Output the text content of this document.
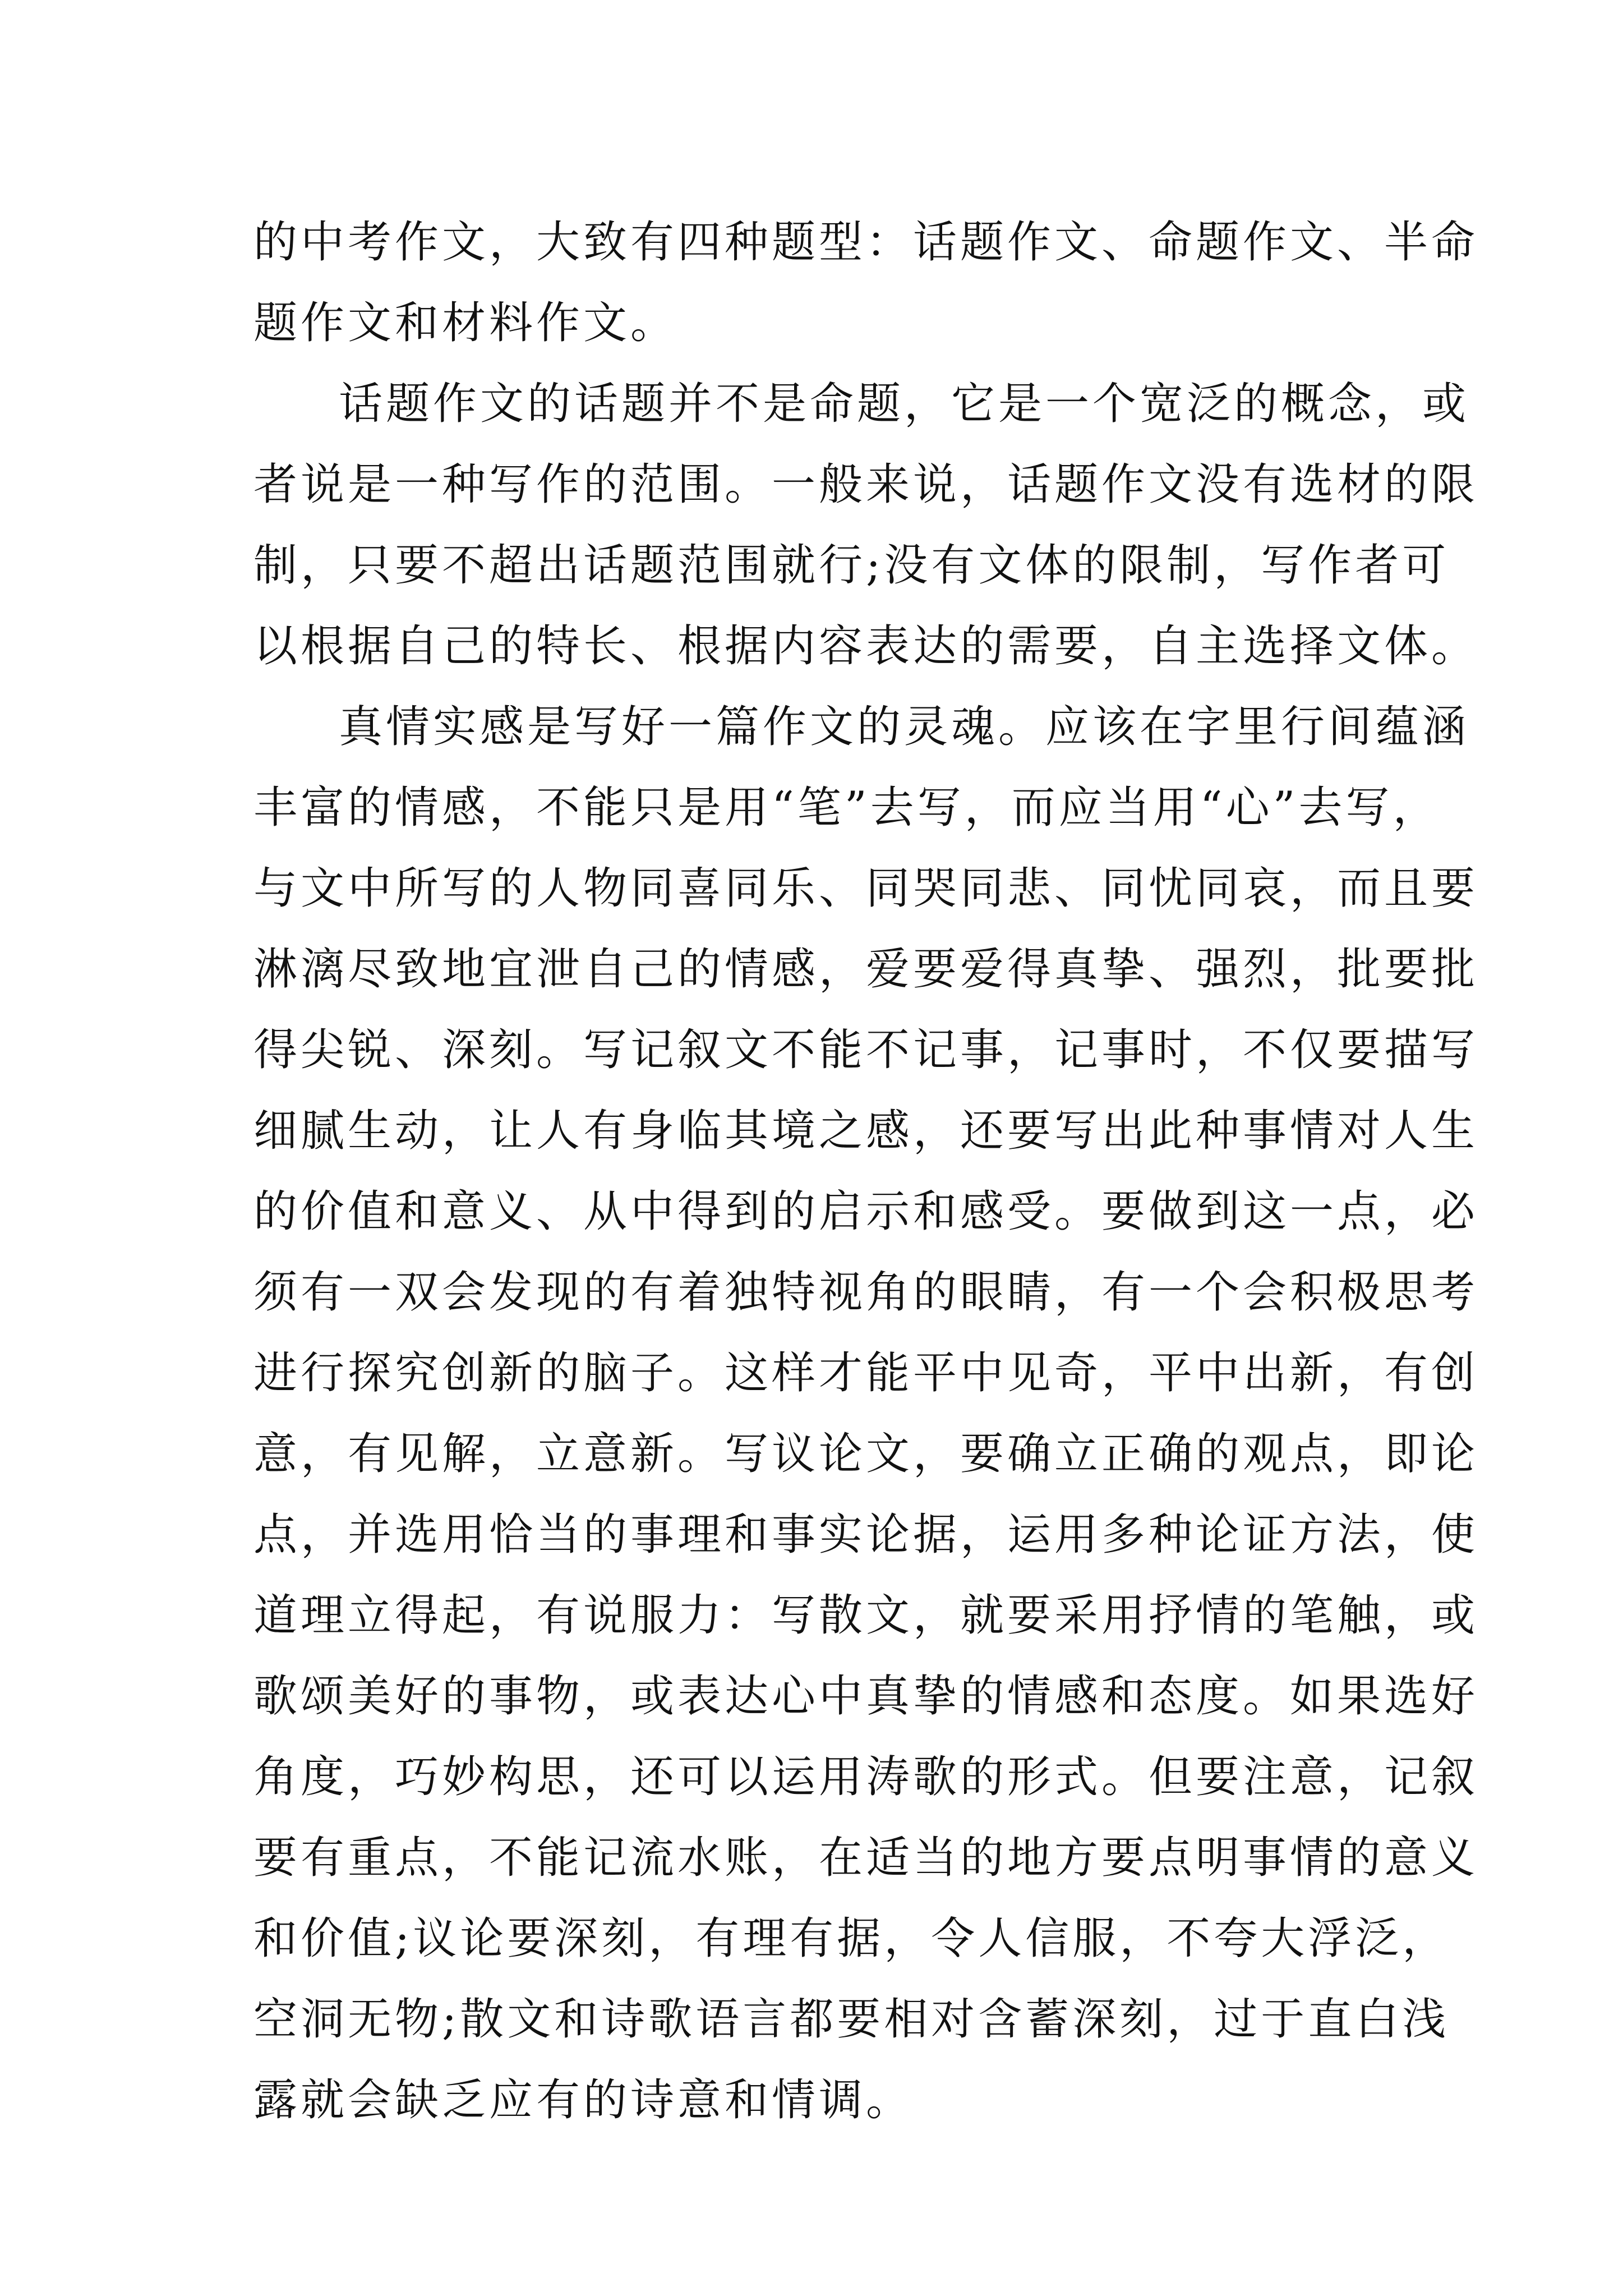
的中考作文，大致有四种题型：话题作文、命题作文、半命

题作文和材料作文。

话题作文的话题并不是命题，它是一个宽泛的概念，或

者说是一种写作的范围。一般来说，话题作文没有选材的限

制，只要不超出话题范围就行;没有文体的限制，写作者可

以根据自己的特长、根据内容表达的需要，自主选择文体。

真情实感是写好一篇作文的灵魂。应该在字里行间蕴涵

丰富的情感，不能只是用“笔”去写，而应当用“心”去写，

与文中所写的人物同喜同乐、同哭同悲、同忧同哀，而且要

淋漓尽致地宜泄自己的情感，爱要爱得真挚、强烈，批要批

得尖锐、深刻。写记叙文不能不记事，记事时，不仅要描写

细腻生动，让人有身临其境之感，还要写出此种事情对人生

的价值和意义、从中得到的启示和感受。要做到这一点，必

须有一双会发现的有着独特视角的眼睛，有一个会积极思考

进行探究创新的脑子。这样才能平中见奇，平中出新，有创

意，有见解，立意新。写议论文，要确立正确的观点，即论

点，并选用恰当的事理和事实论据，运用多种论证方法，使

道理立得起，有说服力：写散文，就要采用抒情的笔触，或

歌颂美好的事物，或表达心中真挚的情感和态度。如果选好

角度，巧妙构思，还可以运用涛歌的形式。但要注意，记叙

要有重点，不能记流水账，在适当的地方要点明事情的意义

和价值;议论要深刻，有理有据，令人信服，不夸大浮泛，

空洞无物;散文和诗歌语言都要相对含蓄深刻，过于直白浅

露就会缺乏应有的诗意和情调。
